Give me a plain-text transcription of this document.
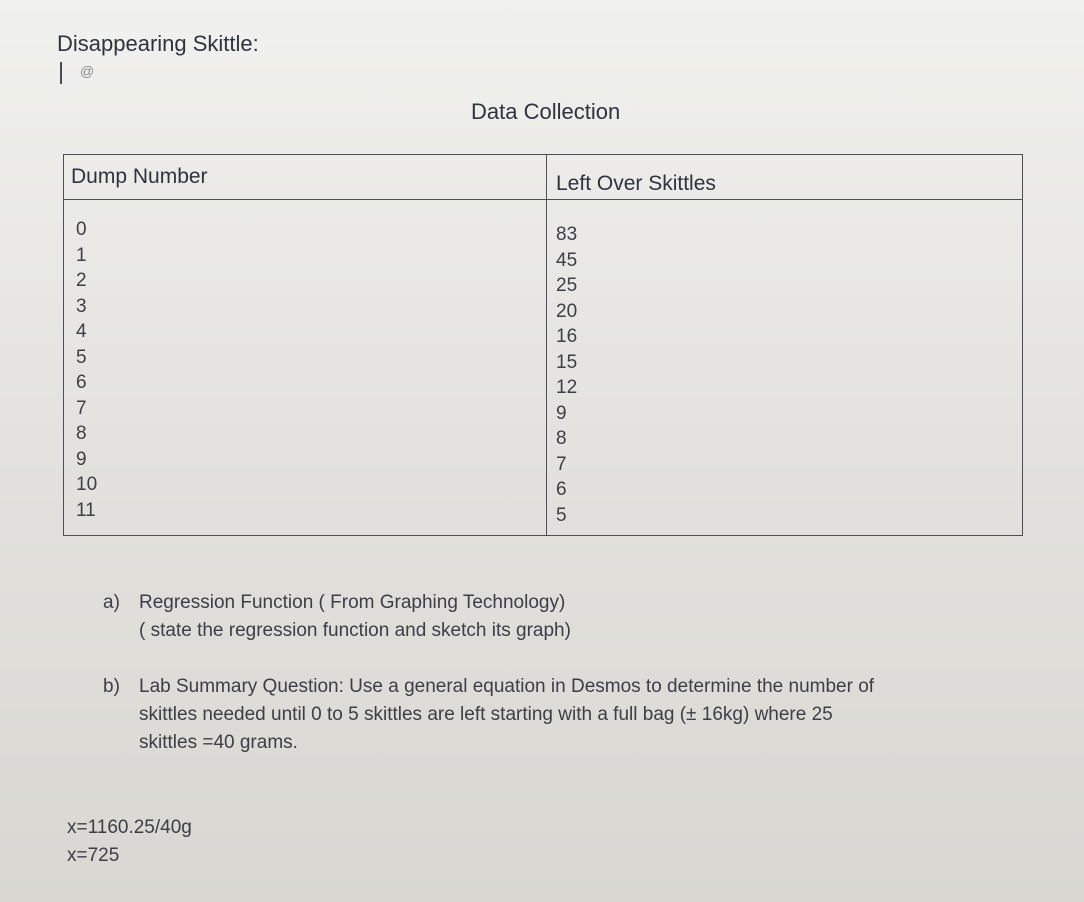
Disappearing Skittle:
@
Data Collection
Dump Number
0
1
2
3
4
5
6
7
8
9
10
11
Left Over Skittles
83
45
25
20
16
15
12
9
8
7
6
5
a) Regression Function ( From Graphing Technology)
( state the regression function and sketch its graph)
b) Lab Summary Question: Use a general equation in Desmos to determine the number of
skittles needed until 0 to 5 skittles are left starting with a full bag (± 16kg) where 25
skittles =40 grams.
x=1160.25/40g
x=725
